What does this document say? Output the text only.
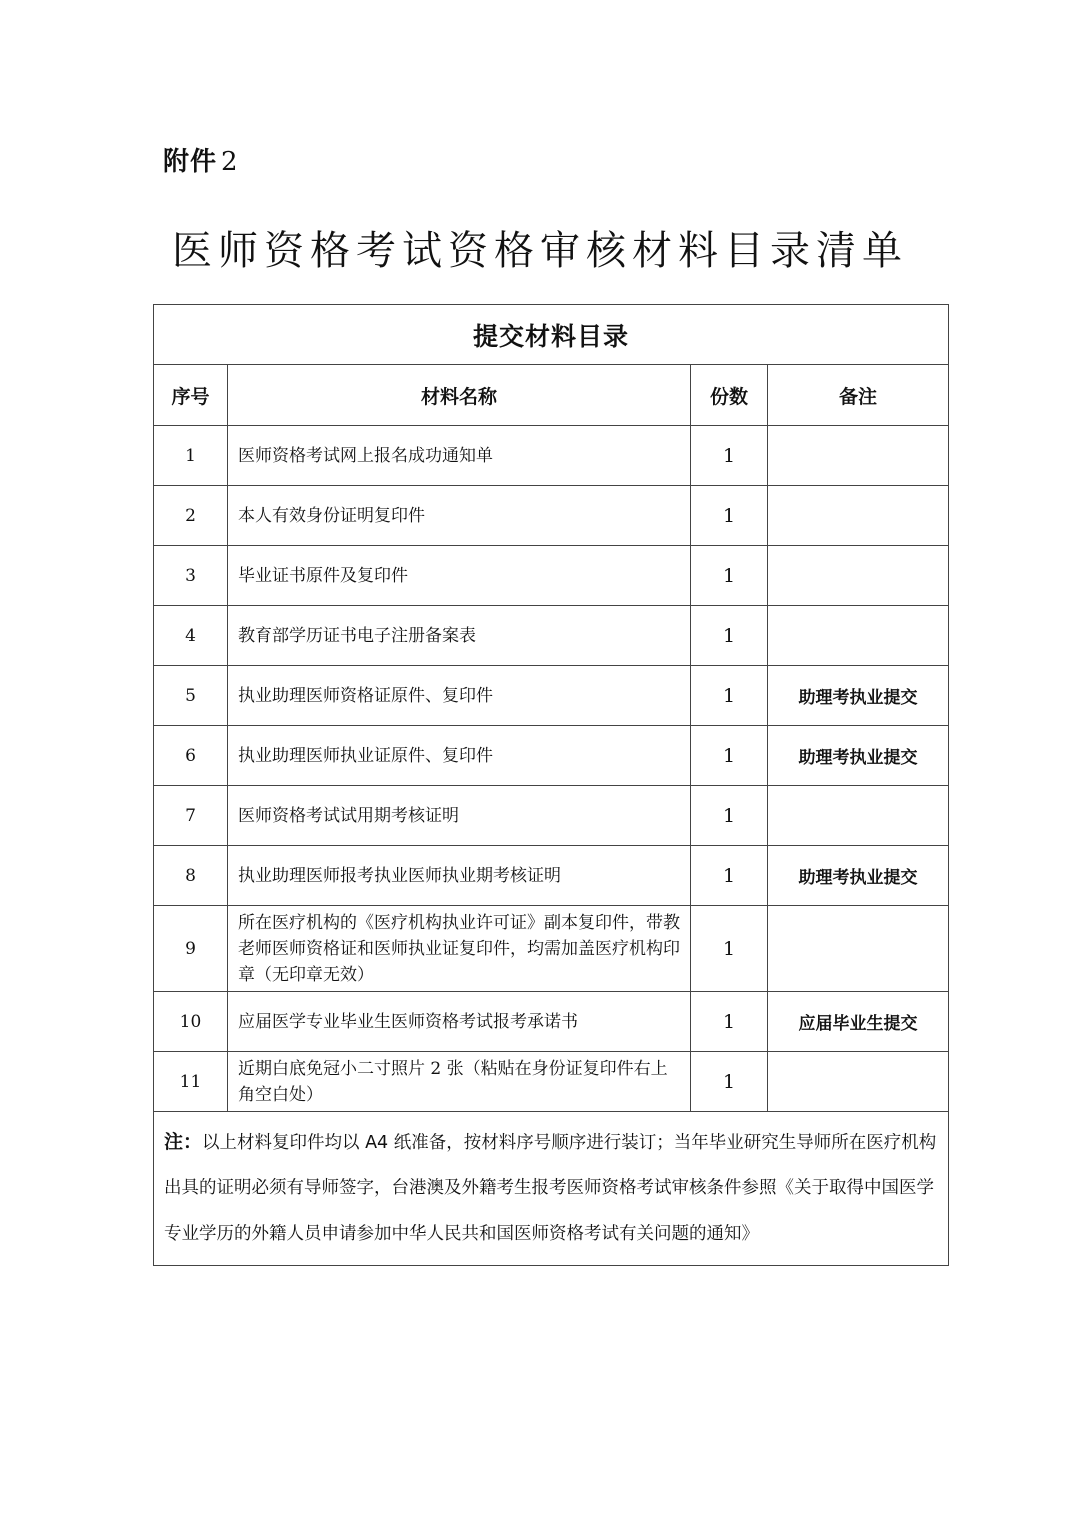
附件 2
医师资格考试资格审核材料目录清单
提交材料目录			
序号	材料名称	份数	备注
1	医师资格考试网上报名成功通知单	1	
2	本人有效身份证明复印件	1	
3	毕业证书原件及复印件	1	
4	教育部学历证书电子注册备案表	1	
5	执业助理医师资格证原件、复印件	1	助理考执业提交
6	执业助理医师执业证原件、复印件	1	助理考执业提交
7	医师资格考试试用期考核证明	1	
8	执业助理医师报考执业医师执业期考核证明	1	助理考执业提交
9	所在医疗机构的《医疗机构执业许可证》副本复印件，带教老师医师资格证和医师执业证复印件，均需加盖医疗机构印章（无印章无效）	1	
10	应届医学专业毕业生医师资格考试报考承诺书	1	应届毕业生提交
11	近期白底免冠小二寸照片 2 张（粘贴在身份证复印件右上角空白处）	1	
注：以上材料复印件均以 A4 纸准备，按材料序号顺序进行装订；当年毕业研究生导师所在医疗机构出具的证明必须有导师签字，台港澳及外籍考生报考医师资格考试审核条件参照《关于取得中国医学专业学历的外籍人员申请参加中华人民共和国医师资格考试有关问题的通知》			
